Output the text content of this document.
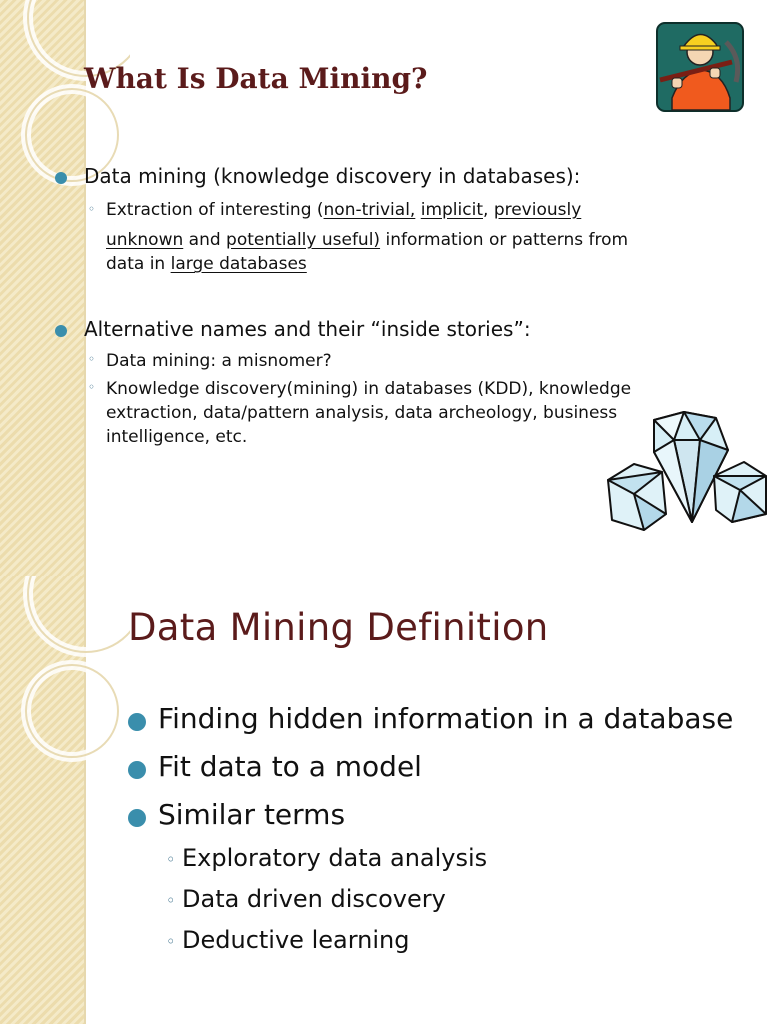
What Is Data Mining?
Data mining (knowledge discovery in databases):
◦ Extraction of interesting (non-trivial, implicit, previously
unknown and potentially useful) information or patterns from
data in large databases
Alternative names and their “inside stories”:
◦ Data mining: a misnomer?
◦ Knowledge discovery(mining) in databases (KDD), knowledge
extraction, data/pattern analysis, data archeology, business
intelligence, etc.
Data Mining Definition
Finding hidden information in a database
Fit data to a model
Similar terms
◦ Exploratory data analysis
◦ Data driven discovery
◦ Deductive learning
